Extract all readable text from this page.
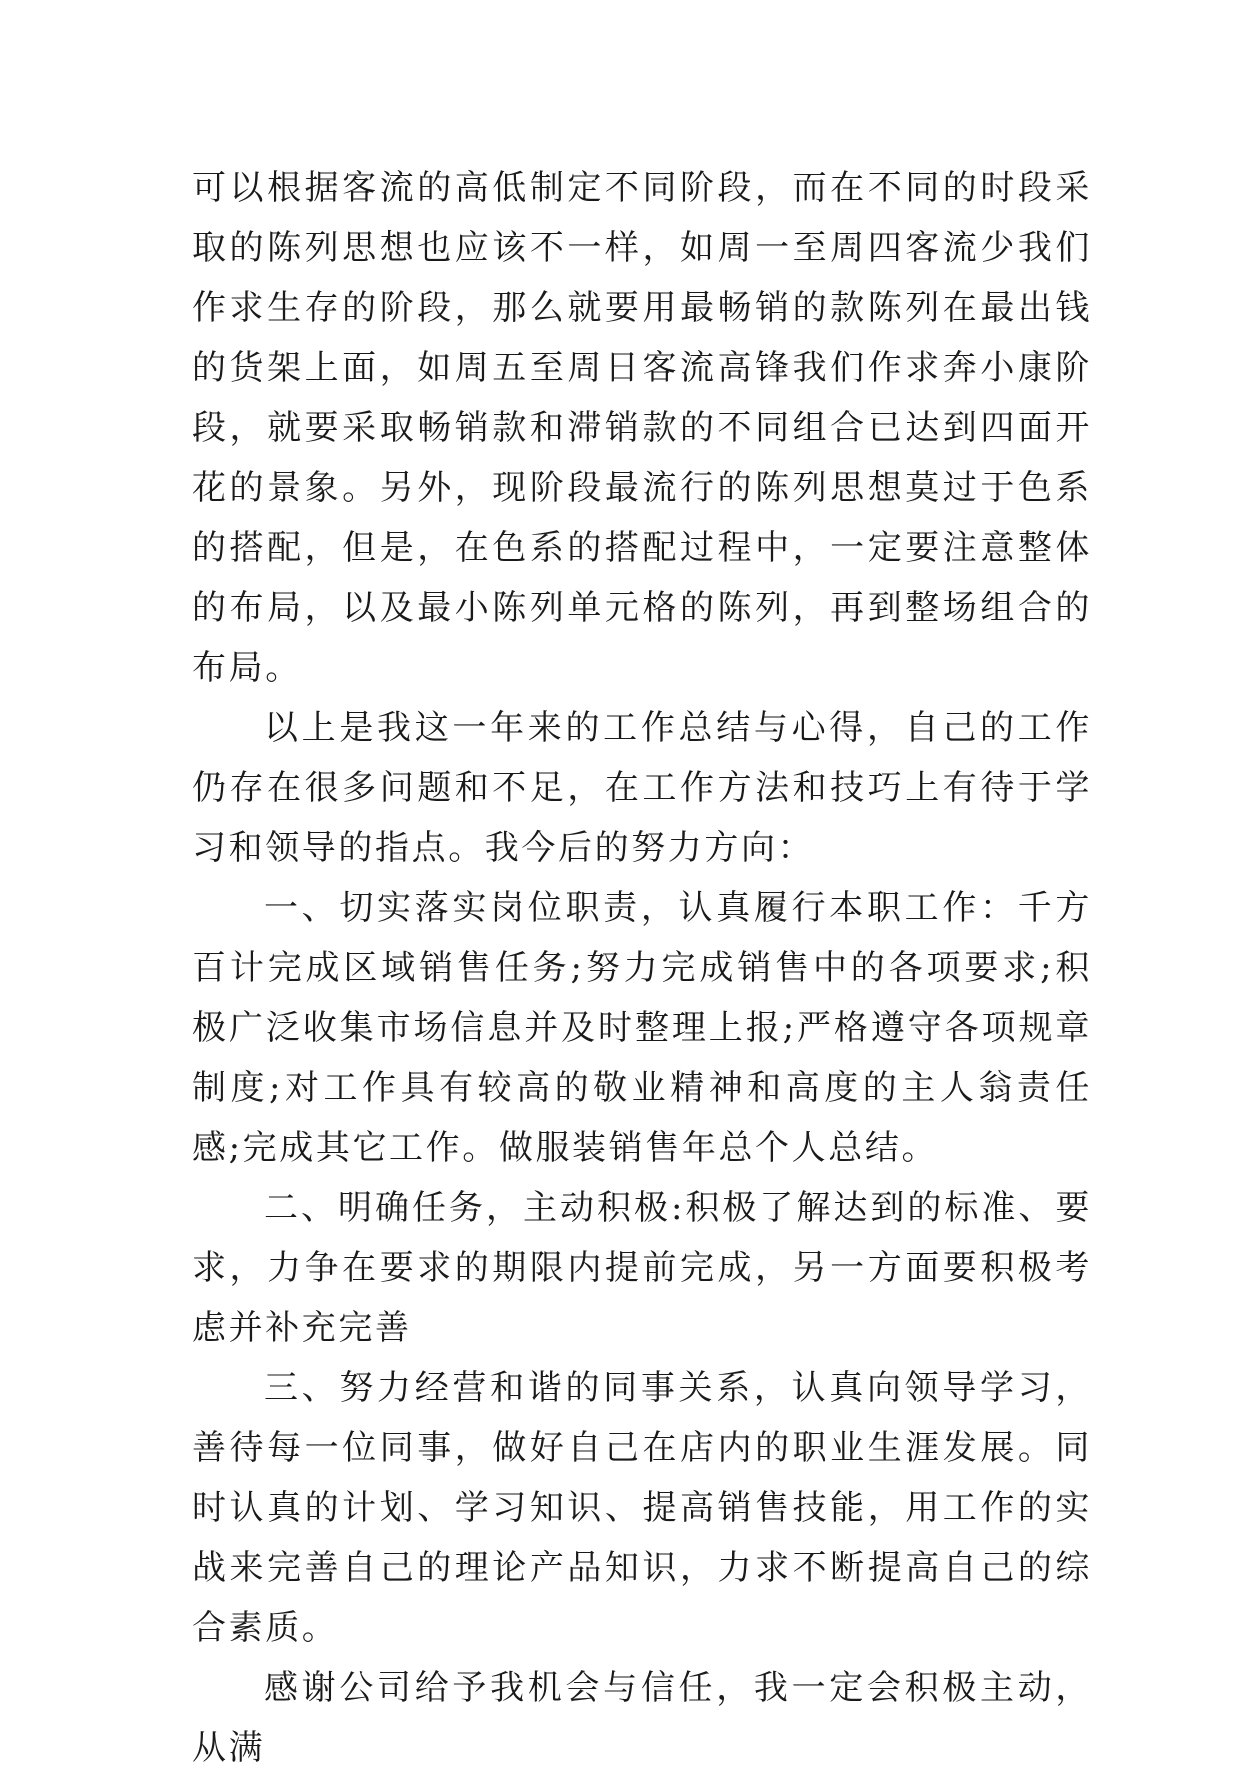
可以根据客流的高低制定不同阶段，而在不同的时段采取的陈列思想也应该不一样，如周一至周四客流少我们作求生存的阶段，那么就要用最畅销的款陈列在最出钱的货架上面，如周五至周日客流高锋我们作求奔小康阶段，就要采取畅销款和滞销款的不同组合已达到四面开花的景象。另外，现阶段最流行的陈列思想莫过于色系的搭配，但是，在色系的搭配过程中，一定要注意整体的布局，以及最小陈列单元格的陈列，再到整场组合的布局。

以上是我这一年来的工作总结与心得，自己的工作仍存在很多问题和不足，在工作方法和技巧上有待于学习和领导的指点。我今后的努力方向：

一、切实落实岗位职责，认真履行本职工作：千方百计完成区域销售任务;努力完成销售中的各项要求;积极广泛收集市场信息并及时整理上报;严格遵守各项规章制度;对工作具有较高的敬业精神和高度的主人翁责任感;完成其它工作。做服装销售年总个人总结。

二、明确任务，主动积极:积极了解达到的标准、要求，力争在要求的期限内提前完成，另一方面要积极考虑并补充完善

三、努力经营和谐的同事关系，认真向领导学习，善待每一位同事，做好自己在店内的职业生涯发展。同时认真的计划、学习知识、提高销售技能，用工作的实战来完善自己的理论产品知识，力求不断提高自己的综合素质。

感谢公司给予我机会与信任，我一定会积极主动，从满
